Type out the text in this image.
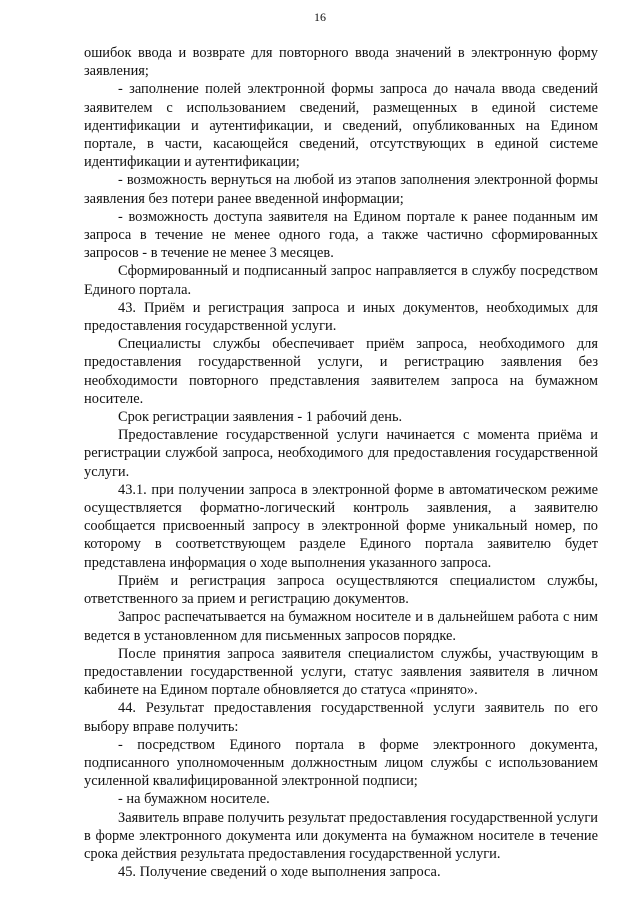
16

ошибок ввода и возврате для повторного ввода значений в электронную форму заявления;

- заполнение полей электронной формы запроса до начала ввода сведений заявителем с использованием сведений, размещенных в единой системе идентификации и аутентификации, и сведений, опубликованных на Едином портале, в части, касающейся сведений, отсутствующих в единой системе идентификации и аутентификации;

- возможность вернуться на любой из этапов заполнения электронной формы заявления без потери ранее введенной информации;

- возможность доступа заявителя на Едином портале к ранее поданным им запроса в течение не менее одного года, а также частично сформированных запросов - в течение не менее 3 месяцев.

Сформированный и подписанный запрос направляется в службу посредством Единого портала.

43. Приём и регистрация запроса и иных документов, необходимых для предоставления государственной услуги.

Специалисты службы обеспечивает приём запроса, необходимого для предоставления государственной услуги, и регистрацию заявления без необходимости повторного представления заявителем запроса на бумажном носителе.

Срок регистрации заявления - 1 рабочий день.

Предоставление государственной услуги начинается с момента приёма и регистрации службой запроса, необходимого для предоставления государственной услуги.

43.1. при получении запроса в электронной форме в автоматическом режиме осуществляется форматно-логический контроль заявления, а заявителю сообщается присвоенный запросу в электронной форме уникальный номер, по которому в соответствующем разделе Единого портала заявителю будет представлена информация о ходе выполнения указанного запроса.

Приём и регистрация запроса осуществляются специалистом службы, ответственного за прием и регистрацию документов.

Запрос распечатывается на бумажном носителе и в дальнейшем работа с ним ведется в установленном для письменных запросов порядке.

После принятия запроса заявителя специалистом службы, участвующим в предоставлении государственной услуги, статус заявления заявителя в личном кабинете на Едином портале обновляется до статуса «принято».

44. Результат предоставления государственной услуги заявитель по его выбору вправе получить:

- посредством Единого портала в форме электронного документа, подписанного уполномоченным должностным лицом службы с использованием усиленной квалифицированной электронной подписи;

- на бумажном носителе.

Заявитель вправе получить результат предоставления государственной услуги в форме электронного документа или документа на бумажном носителе в течение срока действия результата предоставления государственной услуги.

45. Получение сведений о ходе выполнения запроса.
